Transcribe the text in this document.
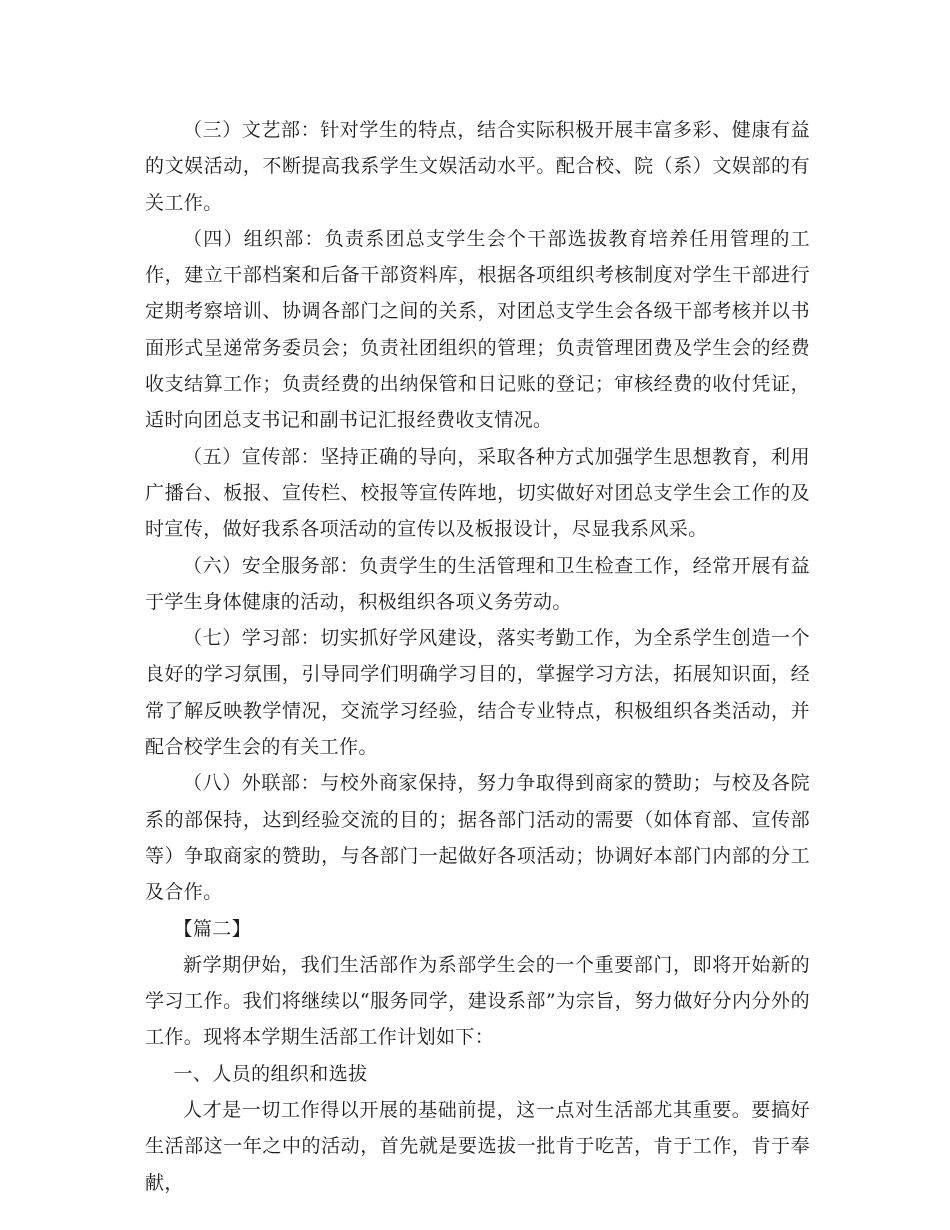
（三）文艺部：针对学生的特点，结合实际积极开展丰富多彩、健康有益的文娱活动，不断提高我系学生文娱活动水平。配合校、院（系）文娱部的有关工作。

（四）组织部：负责系团总支学生会个干部选拔教育培养任用管理的工作，建立干部档案和后备干部资料库，根据各项组织考核制度对学生干部进行定期考察培训、协调各部门之间的关系，对团总支学生会各级干部考核并以书面形式呈递常务委员会；负责社团组织的管理；负责管理团费及学生会的经费收支结算工作；负责经费的出纳保管和日记账的登记；审核经费的收付凭证，适时向团总支书记和副书记汇报经费收支情况。

（五）宣传部：坚持正确的导向，采取各种方式加强学生思想教育，利用广播台、板报、宣传栏、校报等宣传阵地，切实做好对团总支学生会工作的及时宣传，做好我系各项活动的宣传以及板报设计，尽显我系风采。

（六）安全服务部：负责学生的生活管理和卫生检查工作，经常开展有益于学生身体健康的活动，积极组织各项义务劳动。

（七）学习部：切实抓好学风建设，落实考勤工作，为全系学生创造一个良好的学习氛围，引导同学们明确学习目的，掌握学习方法，拓展知识面，经常了解反映教学情况，交流学习经验，结合专业特点，积极组织各类活动，并配合校学生会的有关工作。

（八）外联部：与校外商家保持，努力争取得到商家的赞助；与校及各院系的部保持，达到经验交流的目的；据各部门活动的需要（如体育部、宣传部等）争取商家的赞助，与各部门一起做好各项活动；协调好本部门内部的分工及合作。

【篇二】

新学期伊始，我们生活部作为系部学生会的一个重要部门，即将开始新的学习工作。我们将继续以“服务同学，建设系部”为宗旨，努力做好分内分外的工作。现将本学期生活部工作计划如下：

一、人员的组织和选拔

人才是一切工作得以开展的基础前提，这一点对生活部尤其重要。要搞好生活部这一年之中的活动，首先就是要选拔一批肯于吃苦，肯于工作，肯于奉献，
